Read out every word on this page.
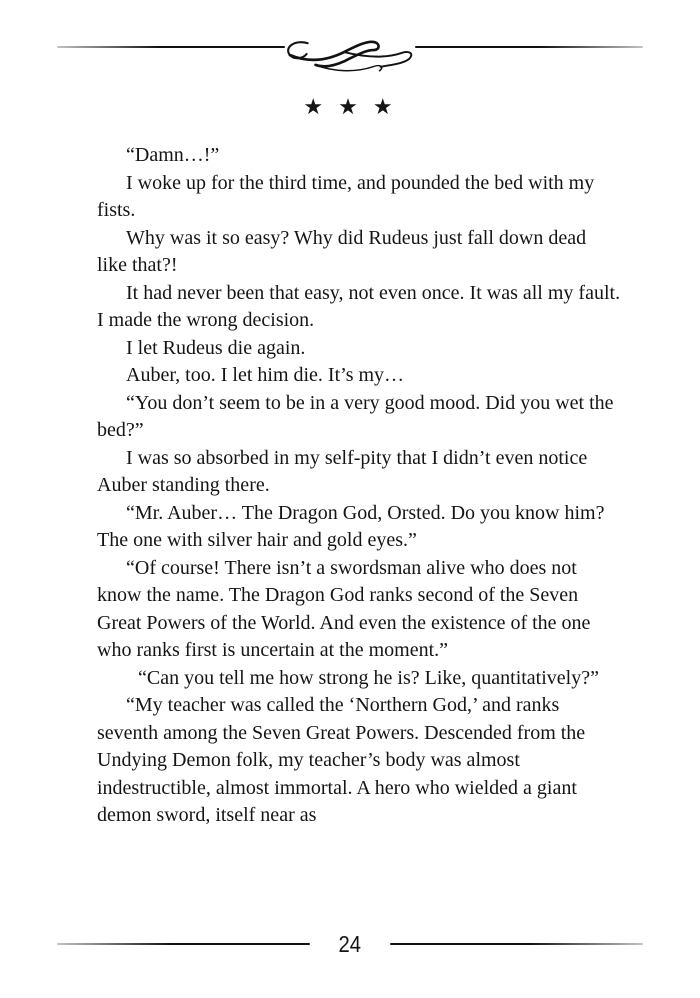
★ ★ ★

“Damn…!”

I woke up for the third time, and pounded the bed with my fists.

Why was it so easy? Why did Rudeus just fall down dead like that?!

It had never been that easy, not even once. It was all my fault. I made the wrong decision.

I let Rudeus die again.

Auber, too. I let him die. It’s my…

“You don’t seem to be in a very good mood. Did you wet the bed?”

I was so absorbed in my self-pity that I didn’t even notice Auber standing there.

“Mr. Auber… The Dragon God, Orsted. Do you know him? The one with silver hair and gold eyes.”

“Of course! There isn’t a swordsman alive who does not know the name. The Dragon God ranks second of the Seven Great Powers of the World. And even the existence of the one who ranks first is uncertain at the moment.”

“Can you tell me how strong he is? Like, quantitatively?”

“My teacher was called the ‘Northern God,’ and ranks seventh among the Seven Great Powers. Descended from the Undying Demon folk, my teacher’s body was almost indestructible, almost immortal. A hero who wielded a giant demon sword, itself near as

24
